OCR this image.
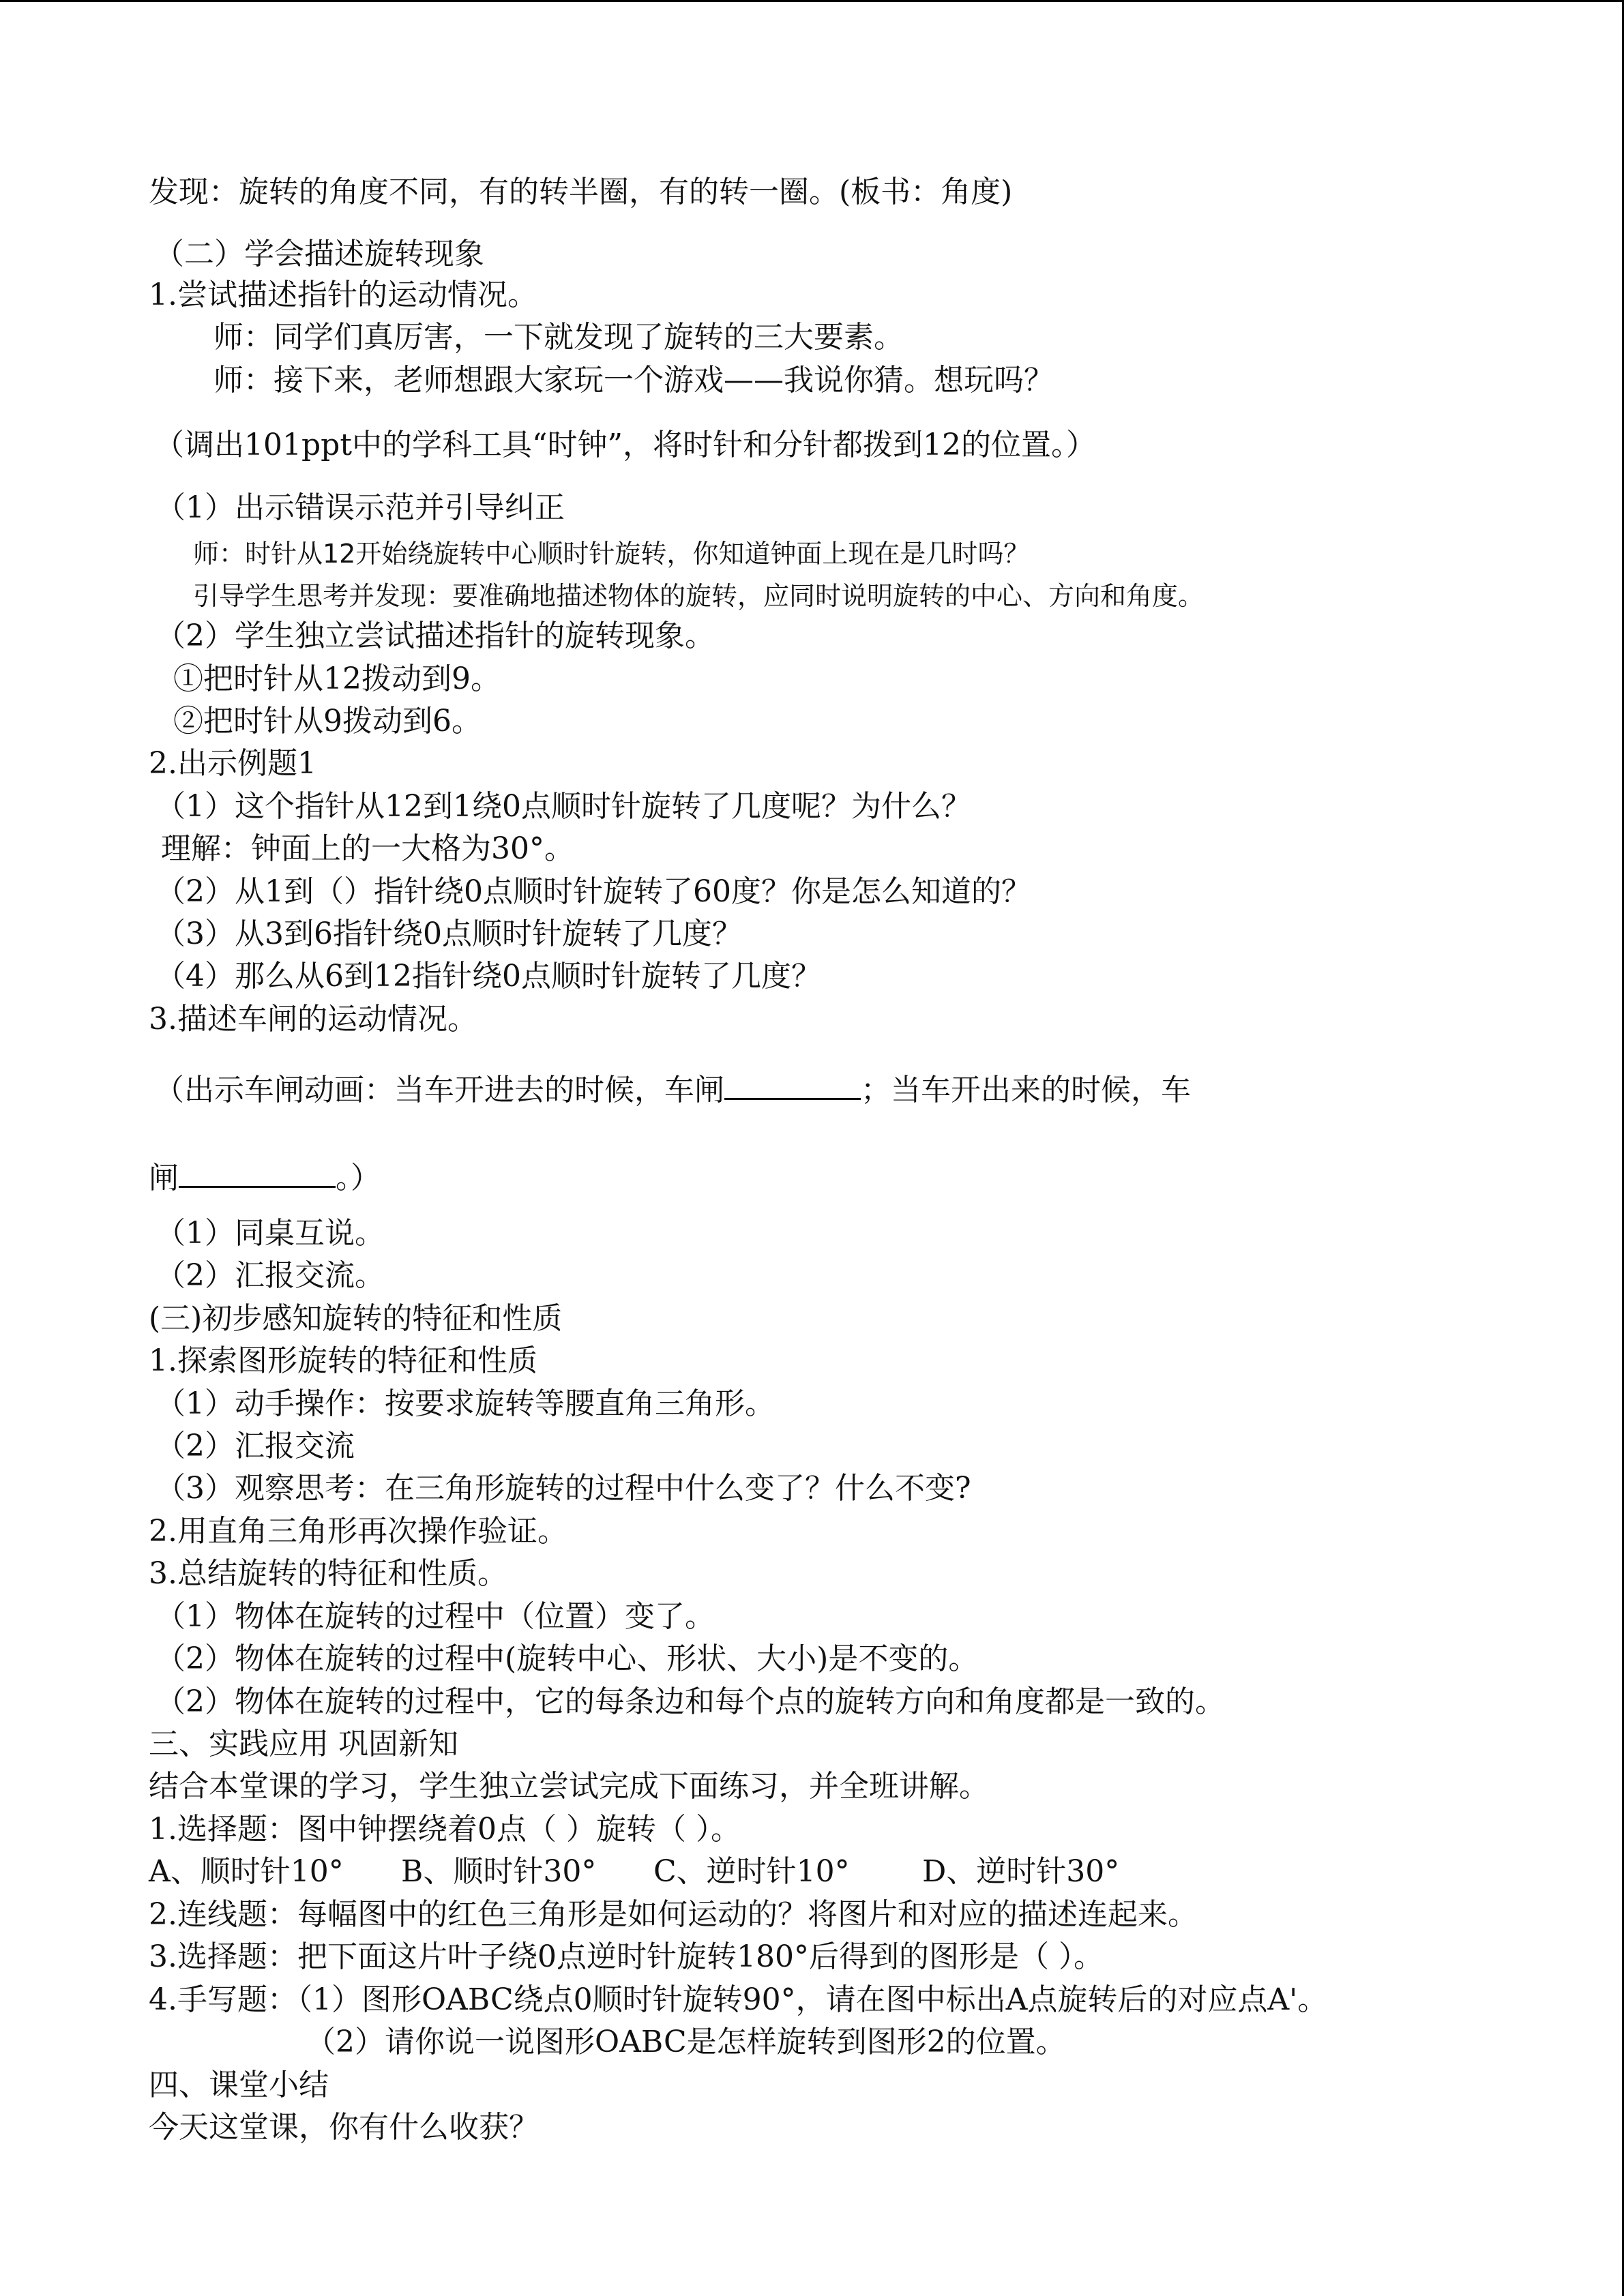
发现：旋转的角度不同，有的转半圈，有的转一圈。(板书：角度)
（二）学会描述旋转现象
1.尝试描述指针的运动情况。
师：同学们真厉害，一下就发现了旋转的三大要素。
师：接下来，老师想跟大家玩一个游戏——我说你猜。想玩吗？
（调出101ppt中的学科工具“时钟”，将时针和分针都拨到12的位置。）
（1）出示错误示范并引导纠正
师：时针从12开始绕旋转中心顺时针旋转，你知道钟面上现在是几时吗？
引导学生思考并发现：要准确地描述物体的旋转，应同时说明旋转的中心、方向和角度。
（2）学生独立尝试描述指针的旋转现象。
①把时针从12拨动到9。
②把时针从9拨动到6。
2.出示例题1
（1）这个指针从12到1绕0点顺时针旋转了几度呢？为什么？
理解：钟面上的一大格为30°。
（2）从1到（）指针绕0点顺时针旋转了60度？你是怎么知道的？
（3）从3到6指针绕0点顺时针旋转了几度？
（4）那么从6到12指针绕0点顺时针旋转了几度？
3.描述车闸的运动情况。
（出示车闸动画：当车开进去的时候，车闸	；当车开出来的时候，车
闸	。）
（1）同桌互说。
（2）汇报交流。
(三)初步感知旋转的特征和性质
1.探索图形旋转的特征和性质
（1）动手操作：按要求旋转等腰直角三角形。
（2）汇报交流
（3）观察思考：在三角形旋转的过程中什么变了？什么不变?
2.用直角三角形再次操作验证。
3.总结旋转的特征和性质。
（1）物体在旋转的过程中（位置）变了。
（2）物体在旋转的过程中(旋转中心、形状、大小)是不变的。
（2）物体在旋转的过程中，它的每条边和每个点的旋转方向和角度都是一致的。
三、实践应用 巩固新知
结合本堂课的学习，学生独立尝试完成下面练习，并全班讲解。
1.选择题：图中钟摆绕着0点（ ）旋转（ ）。
A、顺时针10° B、顺时针30° C、逆时针10° D、逆时针30°
2.连线题：每幅图中的红色三角形是如何运动的？将图片和对应的描述连起来。
3.选择题：把下面这片叶子绕0点逆时针旋转180°后得到的图形是（ ）。
4.手写题：（1）图形OABC绕点0顺时针旋转90°，请在图中标出A点旋转后的对应点A'。
（2）请你说一说图形OABC是怎样旋转到图形2的位置。
四、课堂小结
今天这堂课，你有什么收获？
